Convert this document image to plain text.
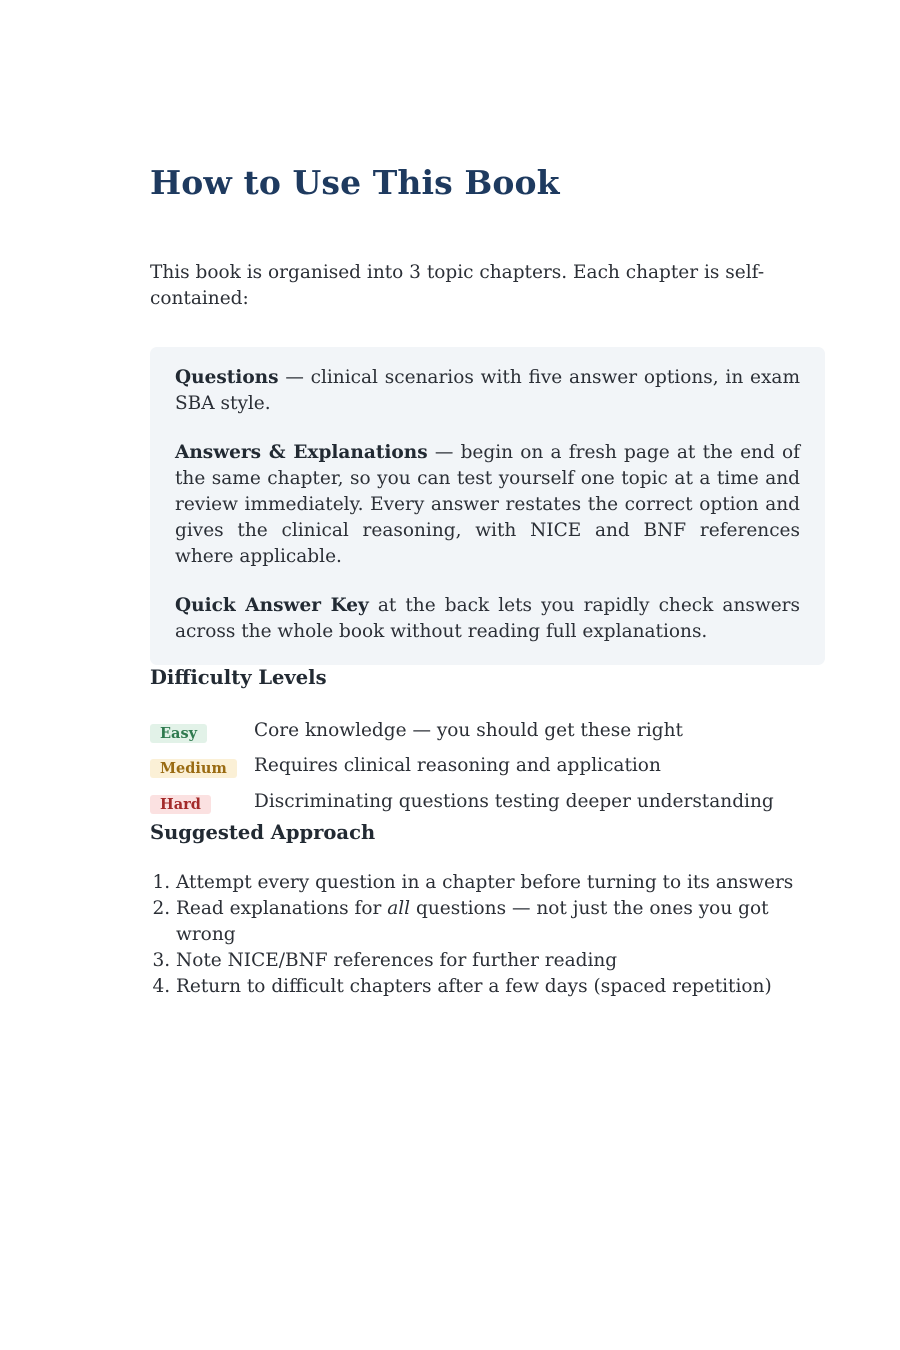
How to Use This Book

This book is organised into 3 topic chapters. Each chapter is self-contained:

Questions — clinical scenarios with five answer options, in exam SBA style.

Answers & Explanations — begin on a fresh page at the end of the same chapter, so you can test yourself one topic at a time and review immediately. Every answer restates the correct option and gives the clinical reasoning, with NICE and BNF references where applicable.

Quick Answer Key at the back lets you rapidly check answers across the whole book without reading full explanations.

Difficulty Levels
Easy	Core knowledge — you should get these right
Medium	Requires clinical reasoning and application
Hard	Discriminating questions testing deeper understanding
Suggested Approach
1. Attempt every question in a chapter before turning to its answers
2. Read explanations for all questions — not just the ones you got wrong
3. Note NICE/BNF references for further reading
4. Return to difficult chapters after a few days (spaced repetition)
